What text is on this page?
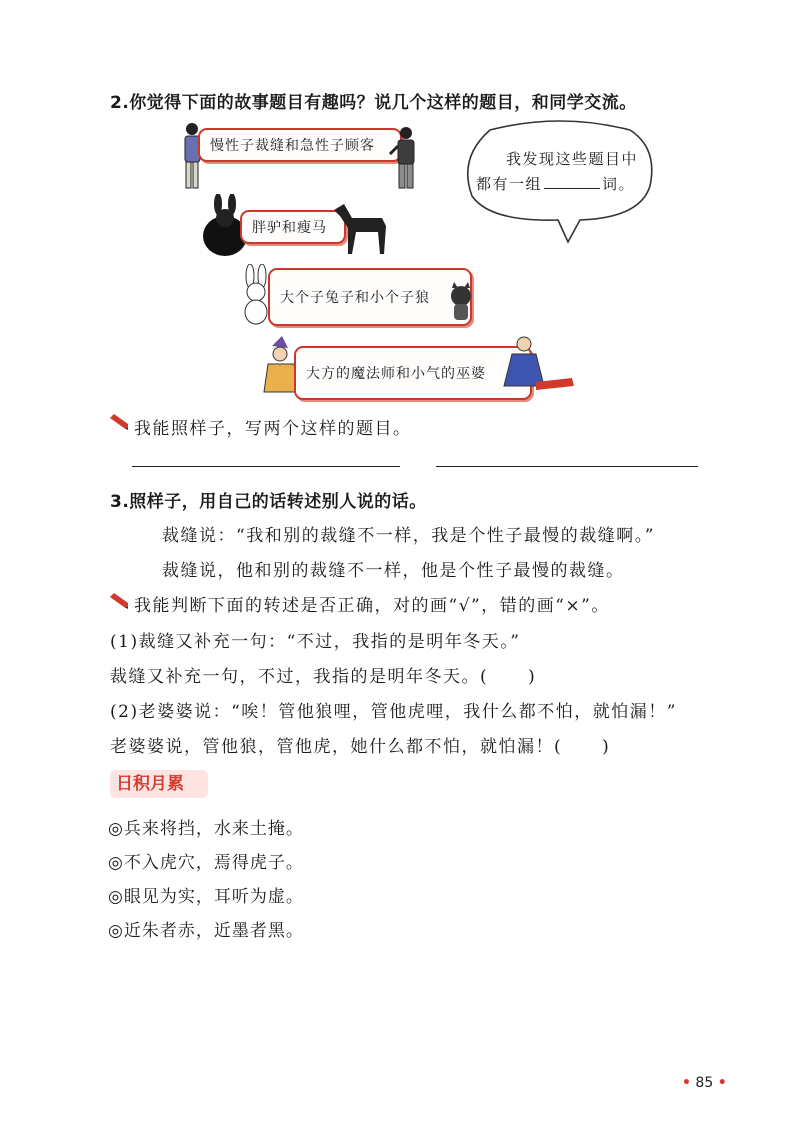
2.你觉得下面的故事题目有趣吗？说几个这样的题目，和同学交流。
慢性子裁缝和急性子顾客
我发现这些题目中
都有一组	词。
胖驴和瘦马
大个子兔子和小个子狼
大方的魔法师和小气的巫婆
我能照样子，写两个这样的题目。
3.照样子，用自己的话转述别人说的话。
裁缝说：“我和别的裁缝不一样，我是个性子最慢的裁缝啊。”
裁缝说，他和别的裁缝不一样，他是个性子最慢的裁缝。
我能判断下面的转述是否正确，对的画“√”，错的画“×”。
(1)裁缝又补充一句：“不过，我指的是明年冬天。”
裁缝又补充一句，不过，我指的是明年冬天。( )
(2)老婆婆说：“唉！管他狼哩，管他虎哩，我什么都不怕，就怕漏！”
老婆婆说，管他狼，管他虎，她什么都不怕，就怕漏！( )
日积月累
◎兵来将挡，水来土掩。
◎不入虎穴，焉得虎子。
◎眼见为实，耳听为虚。
◎近朱者赤，近墨者黑。
• 85 •
